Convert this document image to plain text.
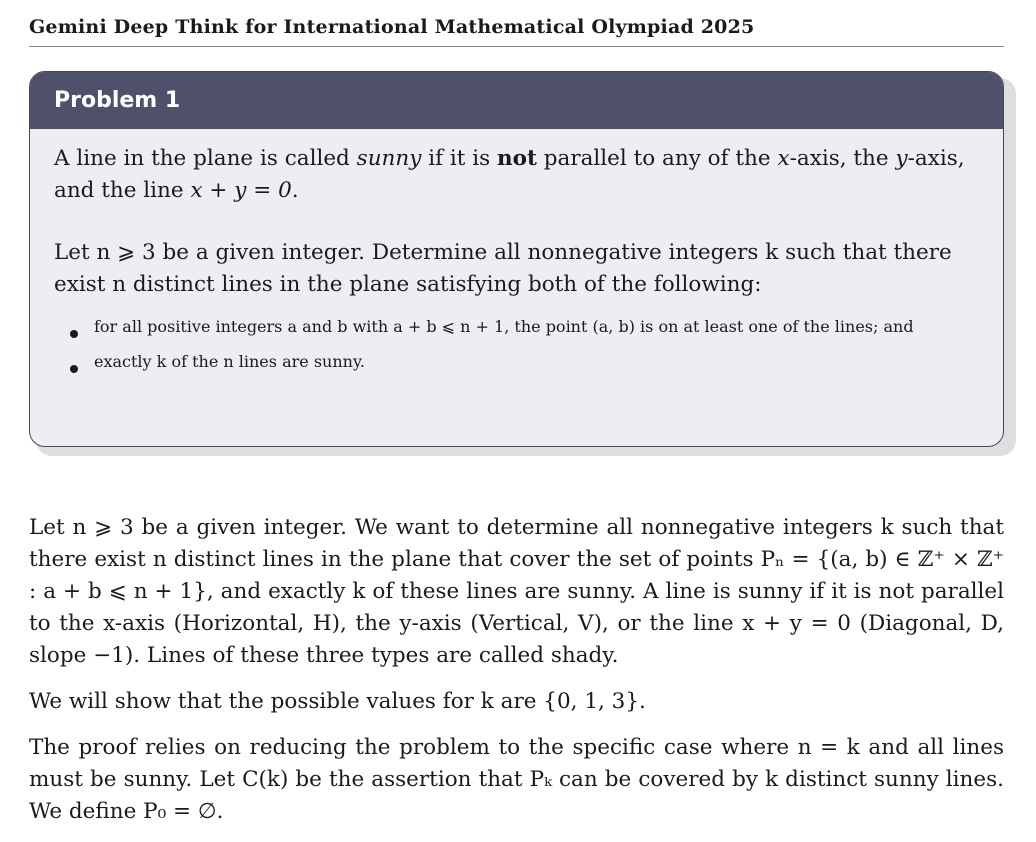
Gemini Deep Think for International Mathematical Olympiad 2025
Problem 1

A line in the plane is called sunny if it is not parallel to any of the x-axis, the y-axis, and the line x + y = 0.

Let n ⩾ 3 be a given integer. Determine all nonnegative integers k such that there exist n distinct lines in the plane satisfying both of the following:

for all positive integers a and b with a + b ⩽ n + 1, the point (a, b) is on at least one of the lines; and
exactly k of the n lines are sunny.

Let n ⩾ 3 be a given integer. We want to determine all nonnegative integers k such that there exist n distinct lines in the plane that cover the set of points Pₙ = {(a, b) ∈ ℤ⁺ × ℤ⁺ : a + b ⩽ n + 1}, and exactly k of these lines are sunny. A line is sunny if it is not parallel to the x-axis (Horizontal, H), the y-axis (Vertical, V), or the line x + y = 0 (Diagonal, D, slope −1). Lines of these three types are called shady.

We will show that the possible values for k are {0, 1, 3}.

The proof relies on reducing the problem to the specific case where n = k and all lines must be sunny. Let C(k) be the assertion that Pₖ can be covered by k distinct sunny lines. We define P₀ = ∅.
